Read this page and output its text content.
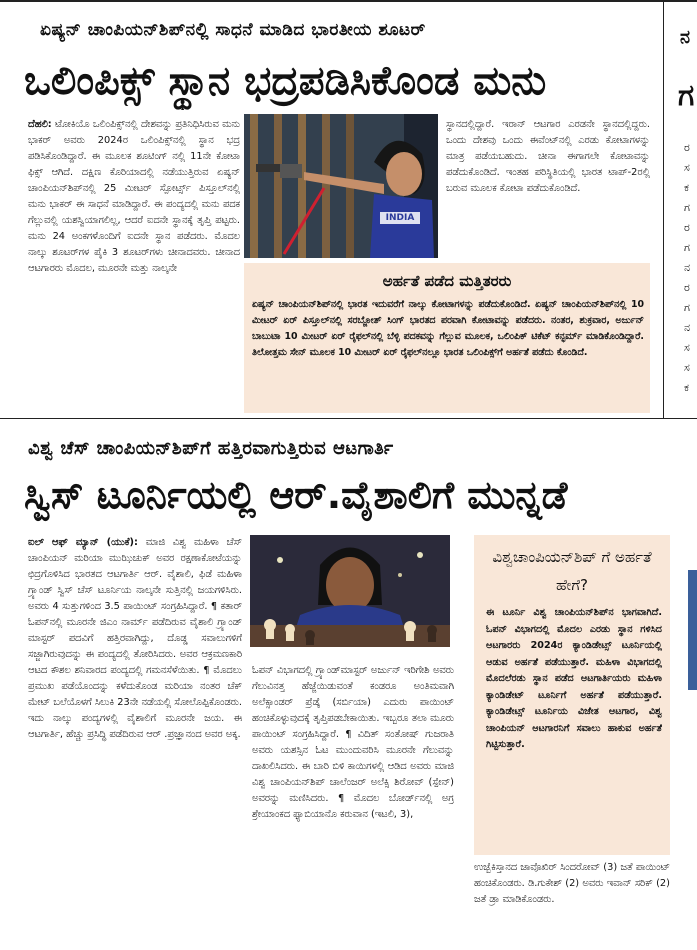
ಏಷ್ಯನ್ ಚಾಂಪಿಯನ್‌ಶಿಪ್‌ನಲ್ಲಿ ಸಾಧನೆ ಮಾಡಿದ ಭಾರತೀಯ ಶೂಟರ್
ಒಲಿಂಪಿಕ್ಸ್ ಸ್ಥಾನ ಭದ್ರಪಡಿಸಿಕೊಂಡ ಮನು
ದೆಹಲಿ: ಟೋಕಿಯೊ ಒಲಿಂಪಿಕ್ಸ್‌ನಲ್ಲಿ ದೇಶವನ್ನು ಪ್ರತಿನಿಧಿಸಿರುವ ಮನು ಭಾಕರ್ ಅವರು 2024ರ ಒಲಿಂಪಿಕ್ಸ್‌ನಲ್ಲಿ ಸ್ಥಾನ ಭದ್ರ ಪಡಿಸಿಕೊಂಡಿದ್ದಾರೆ. ಈ ಮೂಲಕ ಶೂಟಿಂಗ್ ನಲ್ಲಿ 11ನೇ ಕೋಟಾ ಫಿಕ್ಸ್ ಆಗಿದೆ. ದಕ್ಷಿಣ ಕೊರಿಯಾದಲ್ಲಿ ನಡೆಯುತ್ತಿರುವ ಏಷ್ಯನ್ ಚಾಂಪಿಯನ್‌ಶಿಪ್‌ನಲ್ಲಿ 25 ಮೀಟರ್ ಸ್ಪೋರ್ಟ್ಸ್ ಪಿಸ್ತೂಲ್‌ನಲ್ಲಿ ಮನು ಭಾಕರ್ ಈ ಸಾಧನೆ ಮಾಡಿದ್ದಾರೆ. ಈ ಪಂದ್ಯದಲ್ಲಿ ಮನು ಪದಕ ಗೆಲ್ಲುವಲ್ಲಿ ಯಶಸ್ವಿಯಾಗಲಿಲ್ಲ, ಆದರೆ ಐದನೇ ಸ್ಥಾನಕ್ಕೆ ತೃಪ್ತಿ ಪಟ್ಟರು. ಮನು 24 ಅಂಕಗಳೊಂದಿಗೆ ಐದನೇ ಸ್ಥಾನ ಪಡೆದರು. ಮೊದಲ ನಾಲ್ಕು ಶೂಟರ್‌ಗಳ ಪೈಕಿ 3 ಶೂಟರ್‌ಗಳು ಚೀನಾದವರು. ಚೀನಾದ ಆಟಗಾರರು ಮೊದಲ, ಮೂರನೇ ಮತ್ತು ನಾಲ್ಕನೇ
INDIA
ಸ್ಥಾನದಲ್ಲಿದ್ದಾರೆ. ಇರಾನ್ ಆಟಗಾರ ಎರಡನೇ ಸ್ಥಾನದಲ್ಲಿದ್ದರು. ಒಂದು ದೇಶವು ಒಂದು ಈವೆಂಟ್‌ನಲ್ಲಿ ಎರಡು ಕೋಟಾಗಳನ್ನು ಮಾತ್ರ ಪಡೆಯಬಹುದು. ಚೀನಾ ಈಗಾಗಲೇ ಕೋಟಾವನ್ನು ಪಡೆದುಕೊಂಡಿದೆ. ಇಂತಹ ಪರಿಸ್ಥಿತಿಯಲ್ಲಿ ಭಾರತ ಟಾಪ್-2ರಲ್ಲಿ ಬರುವ ಮೂಲಕ ಕೋಟಾ ಪಡೆದುಕೊಂಡಿದೆ.
ಅರ್ಹತೆ ಪಡೆದ ಮತ್ತಿತರರು
ಏಷ್ಯನ್ ಚಾಂಪಿಯನ್‌ಶಿಪ್‌ನಲ್ಲಿ ಭಾರತ ಇದುವರೆಗೆ ನಾಲ್ಕು ಕೋಟಾಗಳನ್ನು ಪಡೆದುಕೊಂಡಿದೆ. ಏಷ್ಯನ್ ಚಾಂಪಿಯನ್‌ಶಿಪ್‌ನಲ್ಲಿ 10 ಮೀಟರ್ ಏರ್ ಪಿಸ್ತೂಲ್‌ನಲ್ಲಿ ಸರಬ್ಜೋತ್ ಸಿಂಗ್ ಭಾರತದ ಪರವಾಗಿ ಕೋಟಾವನ್ನು ಪಡೆದರು. ನಂತರ, ಶುಕ್ರವಾರ, ಅರ್ಜುನ್ ಬಾಬುಟಾ 10 ಮೀಟರ್ ಏರ್ ರೈಫಲ್‌ನಲ್ಲಿ ಬೆಳ್ಳಿ ಪದಕವನ್ನು ಗೆಲ್ಲುವ ಮೂಲಕ, ಒಲಿಂಪಿಕ್ ಟಿಕೆಟ್ ಕನ್ಫರ್ಮ್ ಮಾಡಿಕೊಂಡಿದ್ದಾರೆ. ತಿಲೋತ್ತಮ ಸೇನ್ ಮೂಲಕ 10 ಮೀಟರ್ ಏರ್ ರೈಫಲ್‌ನಲ್ಲೂ ಭಾರತ ಒಲಿಂಪಿಕ್ಸ್‌ಗೆ ಅರ್ಹತೆ ಪಡೆದು ಕೊಂಡಿದೆ.
ನ
ಗ
ರ
ಸ
ಕ
ಗ
ರ
ಗ
ನ
ರ
ಗ
ನ
ಸ
ಸ
ಕ
ವಿಶ್ವ ಚೆಸ್ ಚಾಂಪಿಯನ್‌ಶಿಪ್‌ಗೆ ಹತ್ತಿರವಾಗುತ್ತಿರುವ ಆಟಗಾರ್ತಿ
ಸ್ವಿಸ್ ಟೂರ್ನಿಯಲ್ಲಿ ಆರ್.ವೈಶಾಲಿಗೆ ಮುನ್ನಡೆ
ಐಲ್ ಆಫ್ ಮ್ಯಾನ್ (ಯುಕೆ): ಮಾಜಿ ವಿಶ್ವ ಮಹಿಳಾ ಚೆಸ್ ಚಾಂಪಿಯನ್ ಮರಿಯಾ ಮುಝಿಚುಕ್ ಅವರ ರಕ್ಷಣಾಕೋಟೆಯನ್ನು ಛಿದ್ರಗೊಳಿಸಿದ ಭಾರತದ ಆಟಗಾರ್ತಿ ಆರ್. ವೈಶಾಲಿ, ಫಿಡೆ ಮಹಿಳಾ ಗ್ರ್ಯಾಂಡ್ ಸ್ವಿಸ್ ಚೆಸ್ ಟೂರ್ನಿಯ ನಾಲ್ಕನೇ ಸುತ್ತಿನಲ್ಲಿ ಜಯಗಳಿಸಿರು. ಅವರು 4 ಸುತ್ತುಗಳಿಂದ 3.5 ಪಾಯಿಂಟ್ ಸಂಗ್ರಹಿಸಿದ್ದಾರೆ. ¶ ಕತಾರ್ ಓಪನ್‌ನಲ್ಲಿ ಮೂರನೇ ಜಿಎಂ ನಾರ್ಮ್ ಪಡೆದಿರುವ ವೈಶಾಲಿ ಗ್ರ್ಯಾಂಡ್ ಮಾಸ್ಟರ್ ಪದವಿಗೆ ಹತ್ತಿರವಾಗಿದ್ದು, ದೊಡ್ಡ ಸವಾಲುಗಳಿಗೆ ಸಜ್ಜಾಗಿರುವುದನ್ನು ಈ ಪಂದ್ಯದಲ್ಲಿ ತೋರಿಸಿದರು. ಅವರ ಆಕ್ರಮಣಕಾರಿ ಆಟದ ಕೌಶಲ ಶನಿವಾರದ ಪಂದ್ಯದಲ್ಲಿ ಗಮನಸೆಳೆಯಿತು. ¶ ಮೊದಲು ಪ್ರಮುಖ ಪಡೆಯೊಂದನ್ನು ಕಳೆದುಕೊಂಡ ಮರಿಯಾ ನಂತರ ಚೆಕ್ ಮೇಟ್ ಬಲೆಯೊಳಗೆ ಸಿಲುಕಿ 23ನೇ ನಡೆಯಲ್ಲಿ ಸೋಲೊಪ್ಪಿಕೊಂಡರು. ಇದು ನಾಲ್ಕು ಪಂದ್ಯಗಳಲ್ಲಿ ವೈಶಾಲಿಗೆ ಮೂರನೇ ಜಯ. ಈ ಆಟಗಾರ್ತಿ, ಹೆಚ್ಚು ಪ್ರಸಿದ್ಧಿ ಪಡೆದಿರುವ ಆರ್ .ಪ್ರಜ್ಞಾನಂದ ಅವರ ಅಕ್ಕ.
ಓಪನ್ ವಿಭಾಗದಲ್ಲಿ ಗ್ರ್ಯಾಂಡ್‌ಮಾಸ್ಟರ್ ಅರ್ಜುನ್ ಇರಿಗೇಶಿ ಅವರು ಗೆಲುವಿನತ್ತ ಹೆಜ್ಜೆಯಿಡುವಂತೆ ಕಂಡರೂ ಅಂತಿಮವಾಗಿ ಅಲೆಕ್ಸಾಂಡರ್ ಪ್ರೆಡ್ಕೆ (ಸರ್ಬಿಯಾ) ಎದುರು ಪಾಯಿಂಟ್ ಹಂಚಿಕೊಳ್ಳುವುದಕ್ಕೆ ತೃಪ್ತಿಪಡಬೇಕಾಯಿತು. ಇಬ್ಬರೂ ತಲಾ ಮೂರು ಪಾಯಿಂಟ್ ಸಂಗ್ರಹಿಸಿದ್ದಾರೆ. ¶ ವಿದಿತ್ ಸಂತೋಷ್ ಗುಜರಾತಿ ಅವರು ಯಶಸ್ಸಿನ ಓಟ ಮುಂದುವರಿಸಿ ಮೂರನೇ ಗೆಲುವನ್ನು ದಾಖಲಿಸಿದರು. ಈ ಬಾರಿ ಬಿಳಿ ಕಾಯಿಗಳಲ್ಲಿ ಆಡಿದ ಅವರು ಮಾಜಿ ವಿಶ್ವ ಚಾಂಪಿಯನ್‌ಶಿಪ್ ಚಾಲೆಂಜರ್ ಅಲೆಕ್ಸಿ ಶಿರೋವ್ (ಸ್ಪೇನ್) ಅವರನ್ನು ಮಣಿಸಿದರು. ¶ ಮೊದಲ ಬೋರ್ಡ್‌ನಲ್ಲಿ ಅಗ್ರ ಶ್ರೇಯಾಂಕದ ಫ್ಯಾಬಿಯಾನೊ ಕರುವಾನ (ಇಟಲಿ, 3),
ವಿಶ್ವಚಾಂಪಿಯನ್‌ಶಿಪ್‌ ಗೆ ಅರ್ಹತೆ ಹೇಗೆ?
ಈ ಟೂರ್ನಿ ವಿಶ್ವ ಚಾಂಪಿಯನ್‌ಶಿಪ್‌ನ ಭಾಗವಾಗಿದೆ. ಓಪನ್ ವಿಭಾಗದಲ್ಲಿ ಮೊದಲ ಎರಡು ಸ್ಥಾನ ಗಳಿಸಿದ ಆಟಗಾರರು 2024ರ ಕ್ಯಾಂಡಿಡೇಟ್ಸ್ ಟೂರ್ನಿಯಲ್ಲಿ ಆಡುವ ಅರ್ಹತೆ ಪಡೆಯುತ್ತಾರೆ. ಮಹಿಳಾ ವಿಭಾಗದಲ್ಲಿ ಮೊದಲೆರಡು ಸ್ಥಾನ ಪಡೆದ ಆಟಗಾರ್ತಿಯರು ಮಹಿಳಾ ಕ್ಯಾಂಡಿಡೇಟ್ ಟೂರ್ನಿಗೆ ಅರ್ಹತೆ ಪಡೆಯುತ್ತಾರೆ. ಕ್ಯಾಂಡಿಡೇಟ್ಸ್ ಟೂರ್ನಿಯ ವಿಜೇತ ಆಟಗಾರ, ವಿಶ್ವ ಚಾಂಪಿಯನ್ ಆಟಗಾರನಿಗೆ ಸವಾಲು ಹಾಕುವ ಅರ್ಹತೆ ಗಿಟ್ಟಿಸುತ್ತಾರೆ.
ಉಜ್ಬೆಕಿಸ್ತಾನದ ಜಾವೊಖಿರ್ ಸಿಂದರೋವ್ (3) ಜತೆ ಪಾಯಿಂಟ್ ಹಂಚಿಕೊಂಡರು. ಡಿ.ಗುಕೇಶ್ (2) ಅವರು ಇವಾನ್ ಸರಿಕ್ (2) ಜತೆ ಡ್ರಾ ಮಾಡಿಕೊಂಡರು.
